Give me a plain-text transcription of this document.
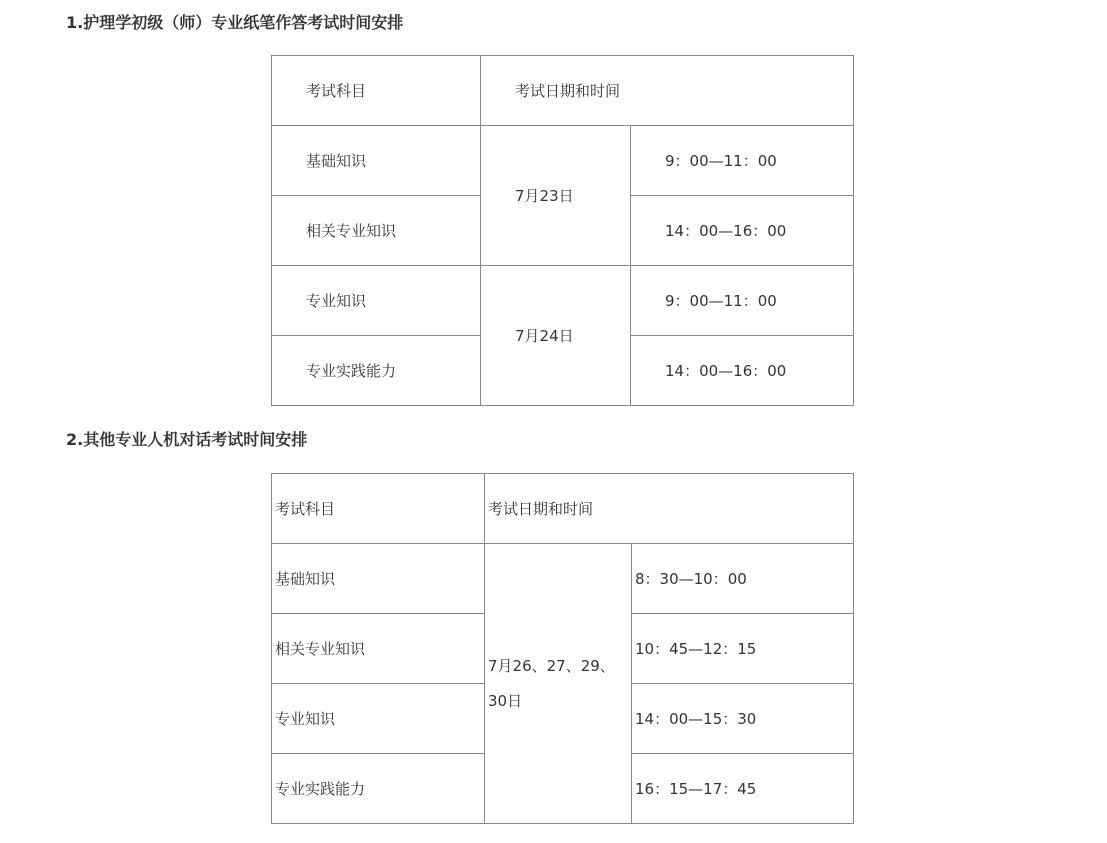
1.护理学初级（师）专业纸笔作答考试时间安排
考试科目	考试日期和时间	
基础知识	7月23日	9：00—11：00
相关专业知识		14：00—16：00
专业知识	7月24日	9：00—11：00
专业实践能力		14：00—16：00
2.其他专业人机对话考试时间安排
考试科目	考试日期和时间	
基础知识	7月26、27、29、30日	8：30—10：00
相关专业知识		10：45—12：15
专业知识		14：00—15：30
专业实践能力		16：15—17：45
